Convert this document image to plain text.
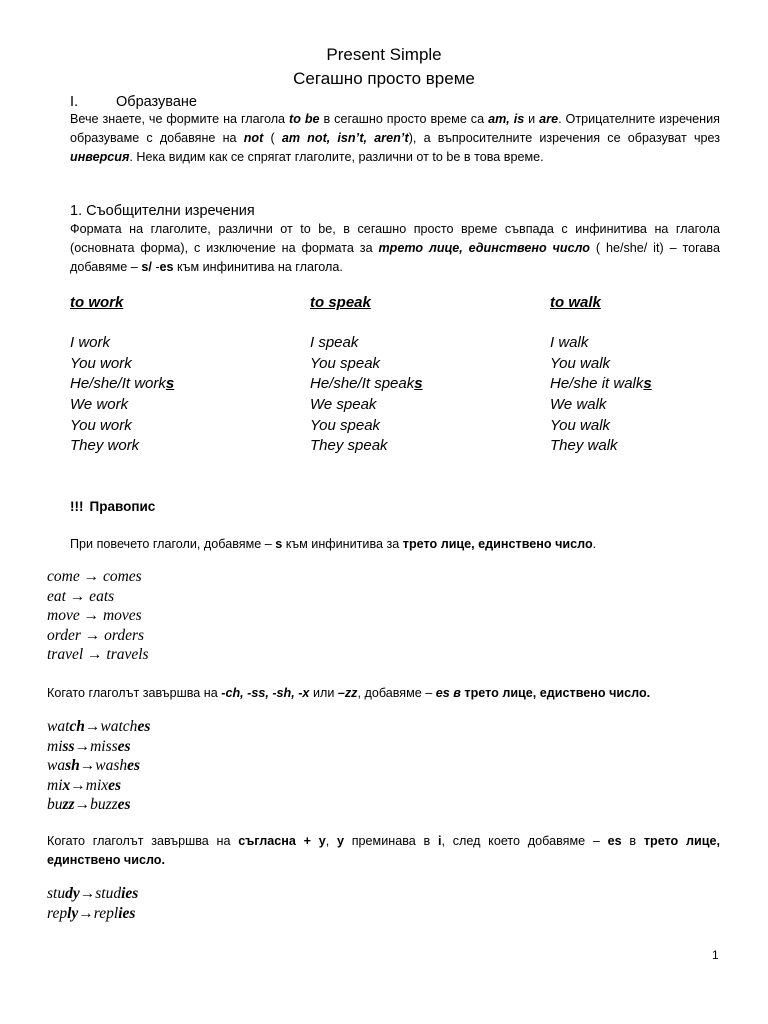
Present Simple
Сегашно просто време
I.	Образуване
Вече знаете, че формите на глагола to be в сегашно просто време са am, is и are. Отрицателните изречения образуваме с добавяне на not ( am not, isn’t, aren’t), а въпросителните изречения се образуват чрез инверсия. Нека видим как се спрягат глаголите, различни от to be в това време.
1. Съобщителни изречения
Формата на глаголите, различни от to be, в сегашно просто време съвпада с инфинитива на глагола (основната форма), с изключение на формата за трето лице, единствено число ( he/she/ it) – тогава добавяме – s/ -es към инфинитива на глагола.
to work
I work
You work
He/she/It works
We work
You work
They work
to speak
I speak
You speak
He/she/It speaks
We speak
You speak
They speak
to walk
I walk
You walk
He/she it walks
We walk
You walk
They walk
!!! Правопис
При повечето глаголи, добавяме – s към инфинитива за трето лице, единствено число.
come → comes
eat → eats
move → moves
order → orders
travel → travels
Когато глаголът завършва на -ch, -ss, -sh, -x или –zz, добавяме – es в трето лице, едиствено число.
watch→watches
miss→misses
wash→washes
mix→mixes
buzz→buzzes
Когато глаголът завършва на съгласна + y, y преминава в i, след което добавяме – es в трето лице, единствено число.
study→studies
reply→replies
1
